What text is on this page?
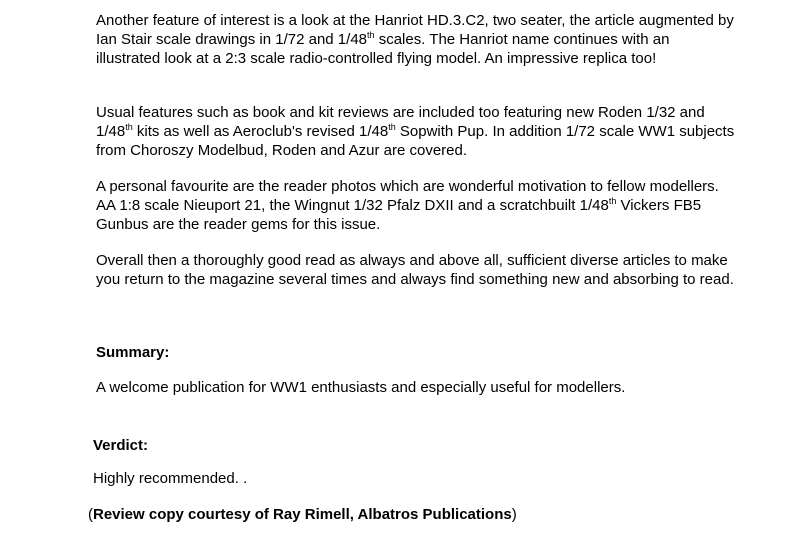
Another feature of interest is a look at the Hanriot HD.3.C2, two seater, the article augmented by Ian Stair scale drawings in 1/72 and 1/48th scales. The Hanriot name continues with an illustrated look at a 2:3 scale radio-controlled flying model. An impressive replica too!

Usual features such as book and kit reviews are included too featuring new Roden 1/32 and 1/48th kits as well as Aeroclub's revised 1/48th Sopwith Pup. In addition 1/72 scale WW1 subjects from Choroszy Modelbud, Roden and Azur are covered.

A personal favourite are the reader photos which are wonderful motivation to fellow modellers. AA 1:8 scale Nieuport 21, the Wingnut 1/32 Pfalz DXII and a scratchbuilt 1/48th Vickers FB5 Gunbus are the reader gems for this issue.

Overall then a thoroughly good read as always and above all, sufficient diverse articles to make you return to the magazine several times and always find something new and absorbing to read.

Summary:

A welcome publication for WW1 enthusiasts and especially useful for modellers.

Verdict:

Highly recommended. .

(Review copy courtesy of Ray Rimell, Albatros Publications)
